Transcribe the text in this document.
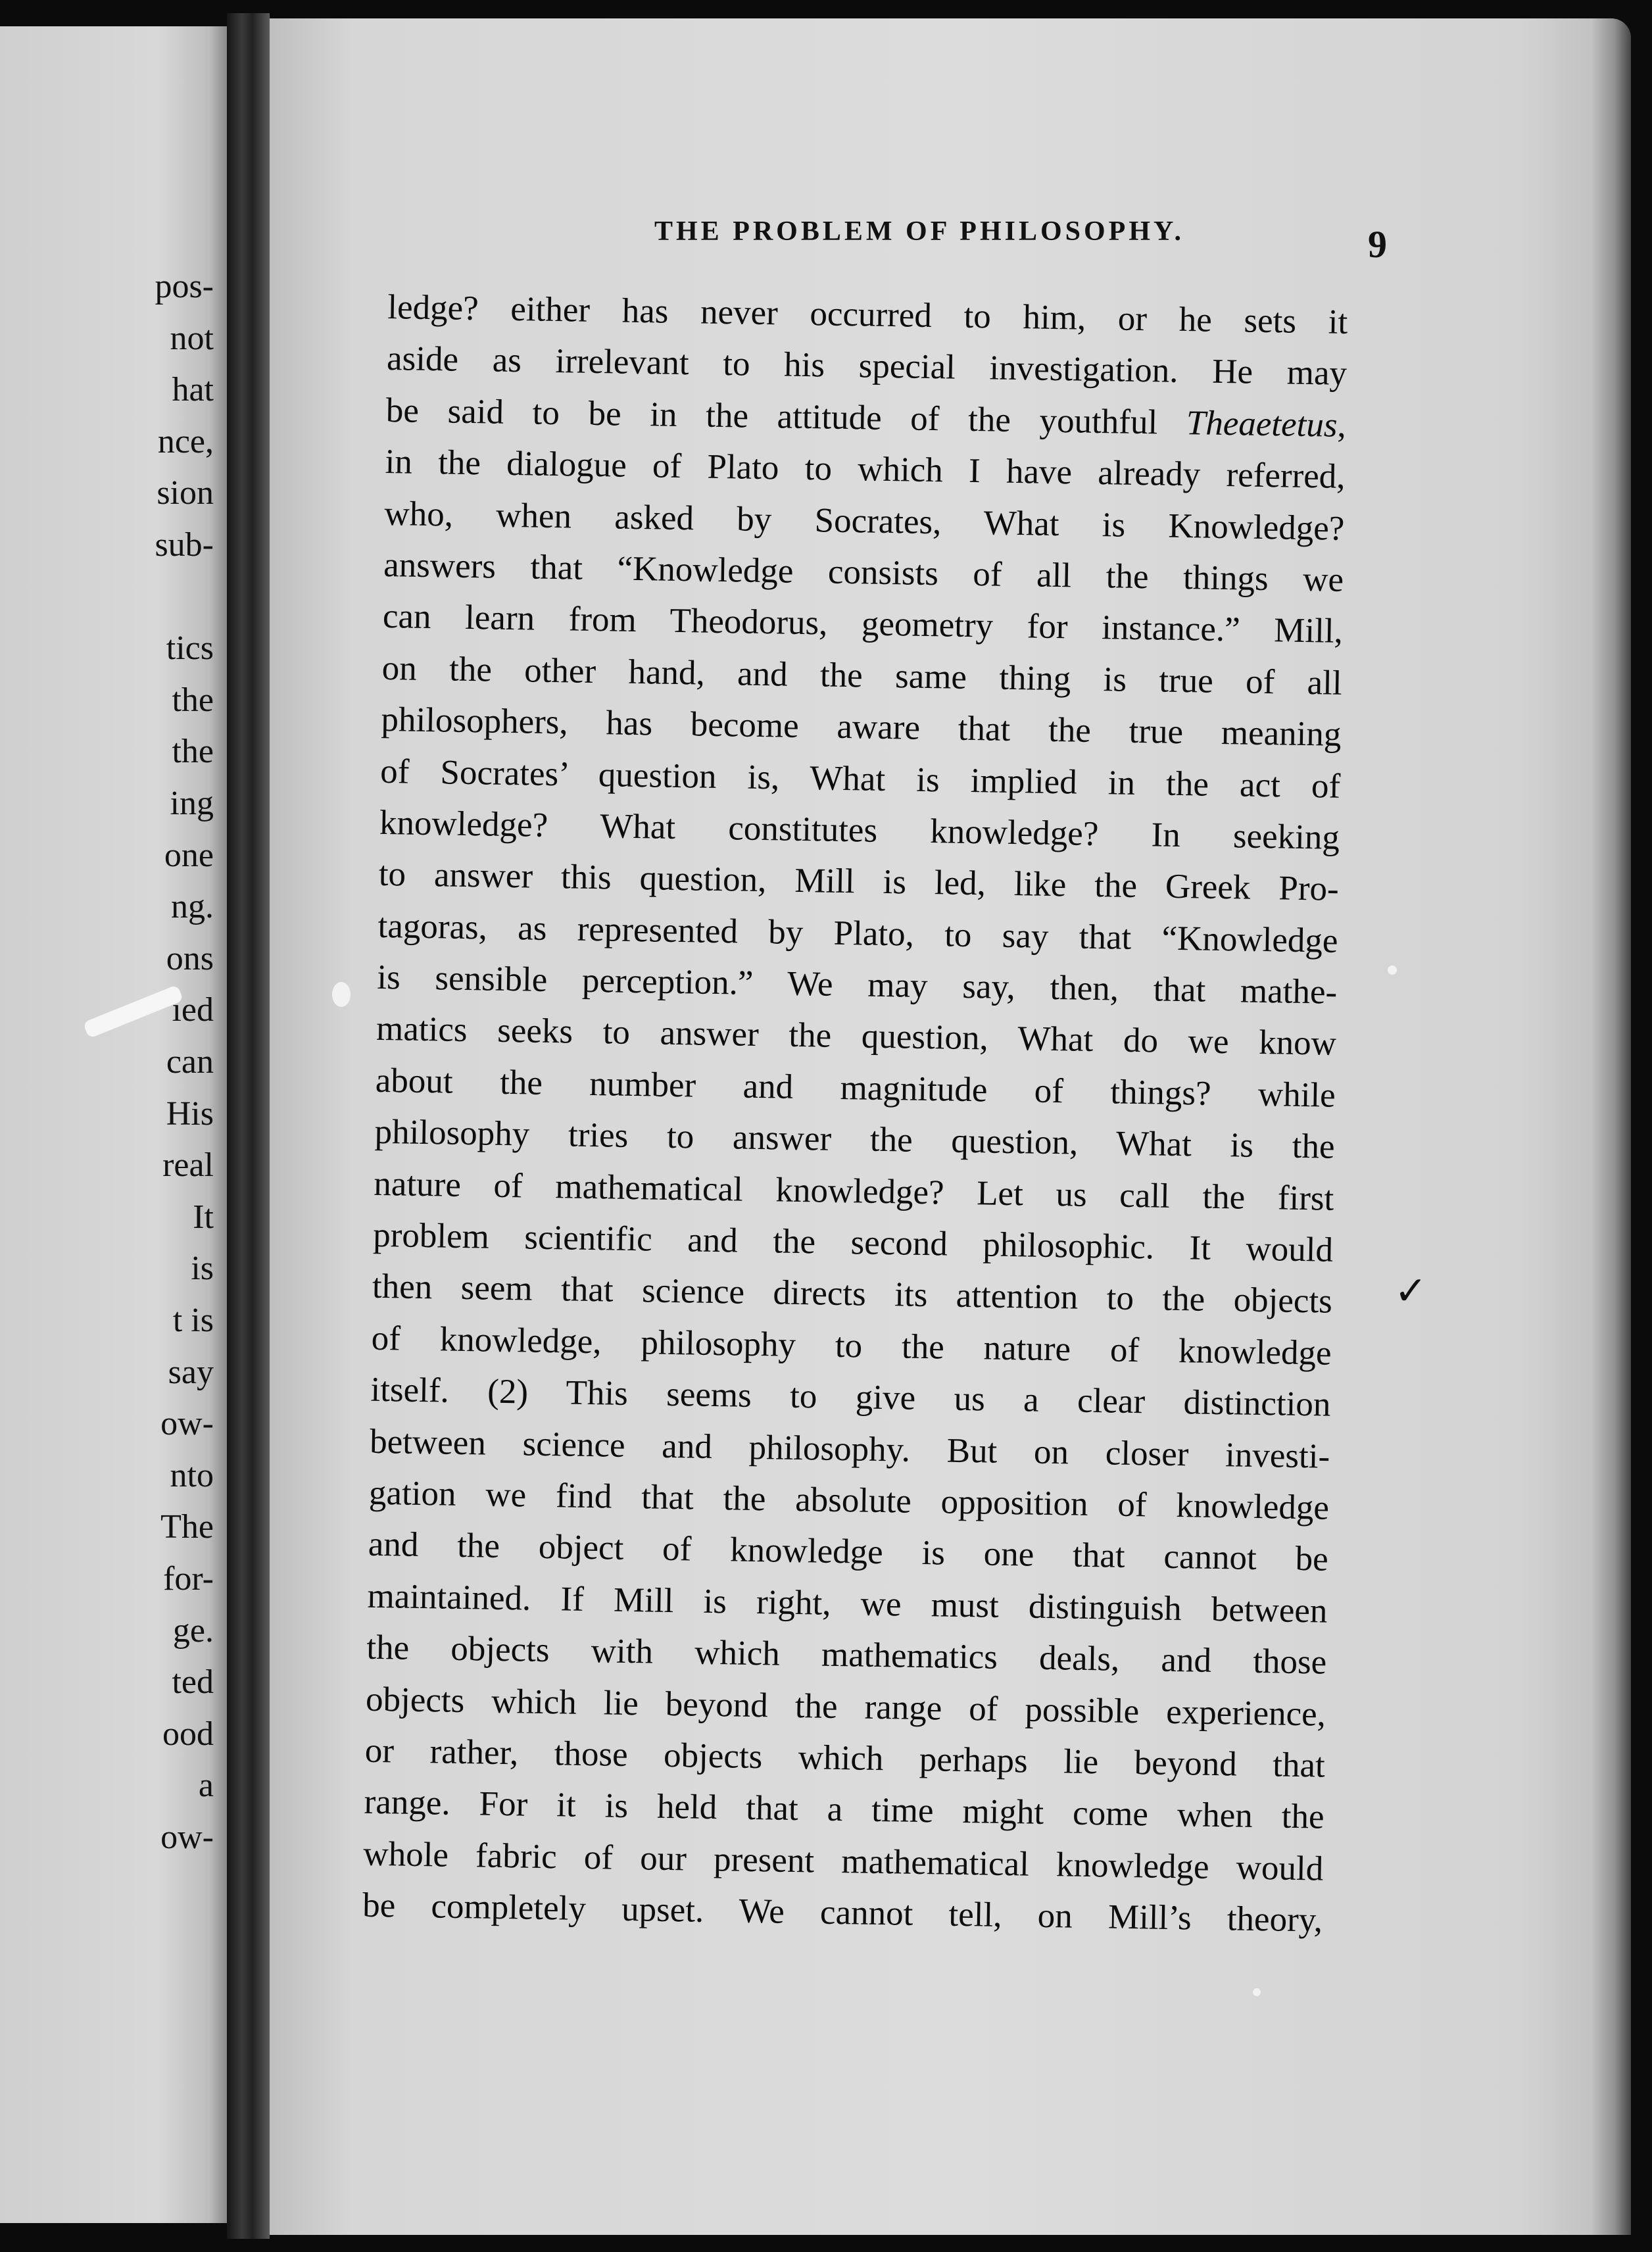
pos-
not
hat
nce,
sion
sub-
tics
the
the
ing
one
ng.
ons
ied
can
His
real
It
is
t is
say
ow-
nto
The
for-
ge.
ted
ood
a
ow-
THE PROBLEM OF PHILOSOPHY.	9
ledge? either has never occurred to him, or he sets it
aside as irrelevant to his special investigation. He may
be said to be in the attitude of the youthful Theaetetus,
in the dialogue of Plato to which I have already referred,
who, when asked by Socrates, What is Knowledge?
answers that “Knowledge consists of all the things we
can learn from Theodorus, geometry for instance.” Mill,
on the other hand, and the same thing is true of all
philosophers, has become aware that the true meaning
of Socrates’ question is, What is implied in the act of
knowledge? What constitutes knowledge? In seeking
to answer this question, Mill is led, like the Greek Pro-
tagoras, as represented by Plato, to say that “Knowledge
is sensible perception.” We may say, then, that mathe-
matics seeks to answer the question, What do we know
about the number and magnitude of things? while
philosophy tries to answer the question, What is the
nature of mathematical knowledge? Let us call the first
problem scientific and the second philosophic. It would
then seem that science directs its attention to the objects
of knowledge, philosophy to the nature of knowledge
itself. (2) This seems to give us a clear distinction
between science and philosophy. But on closer investi-
gation we find that the absolute opposition of knowledge
and the object of knowledge is one that cannot be
maintained. If Mill is right, we must distinguish between
the objects with which mathematics deals, and those
objects which lie beyond the range of possible experience,
or rather, those objects which perhaps lie beyond that
range. For it is held that a time might come when the
whole fabric of our present mathematical knowledge would
be completely upset. We cannot tell, on Mill’s theory,
✓
